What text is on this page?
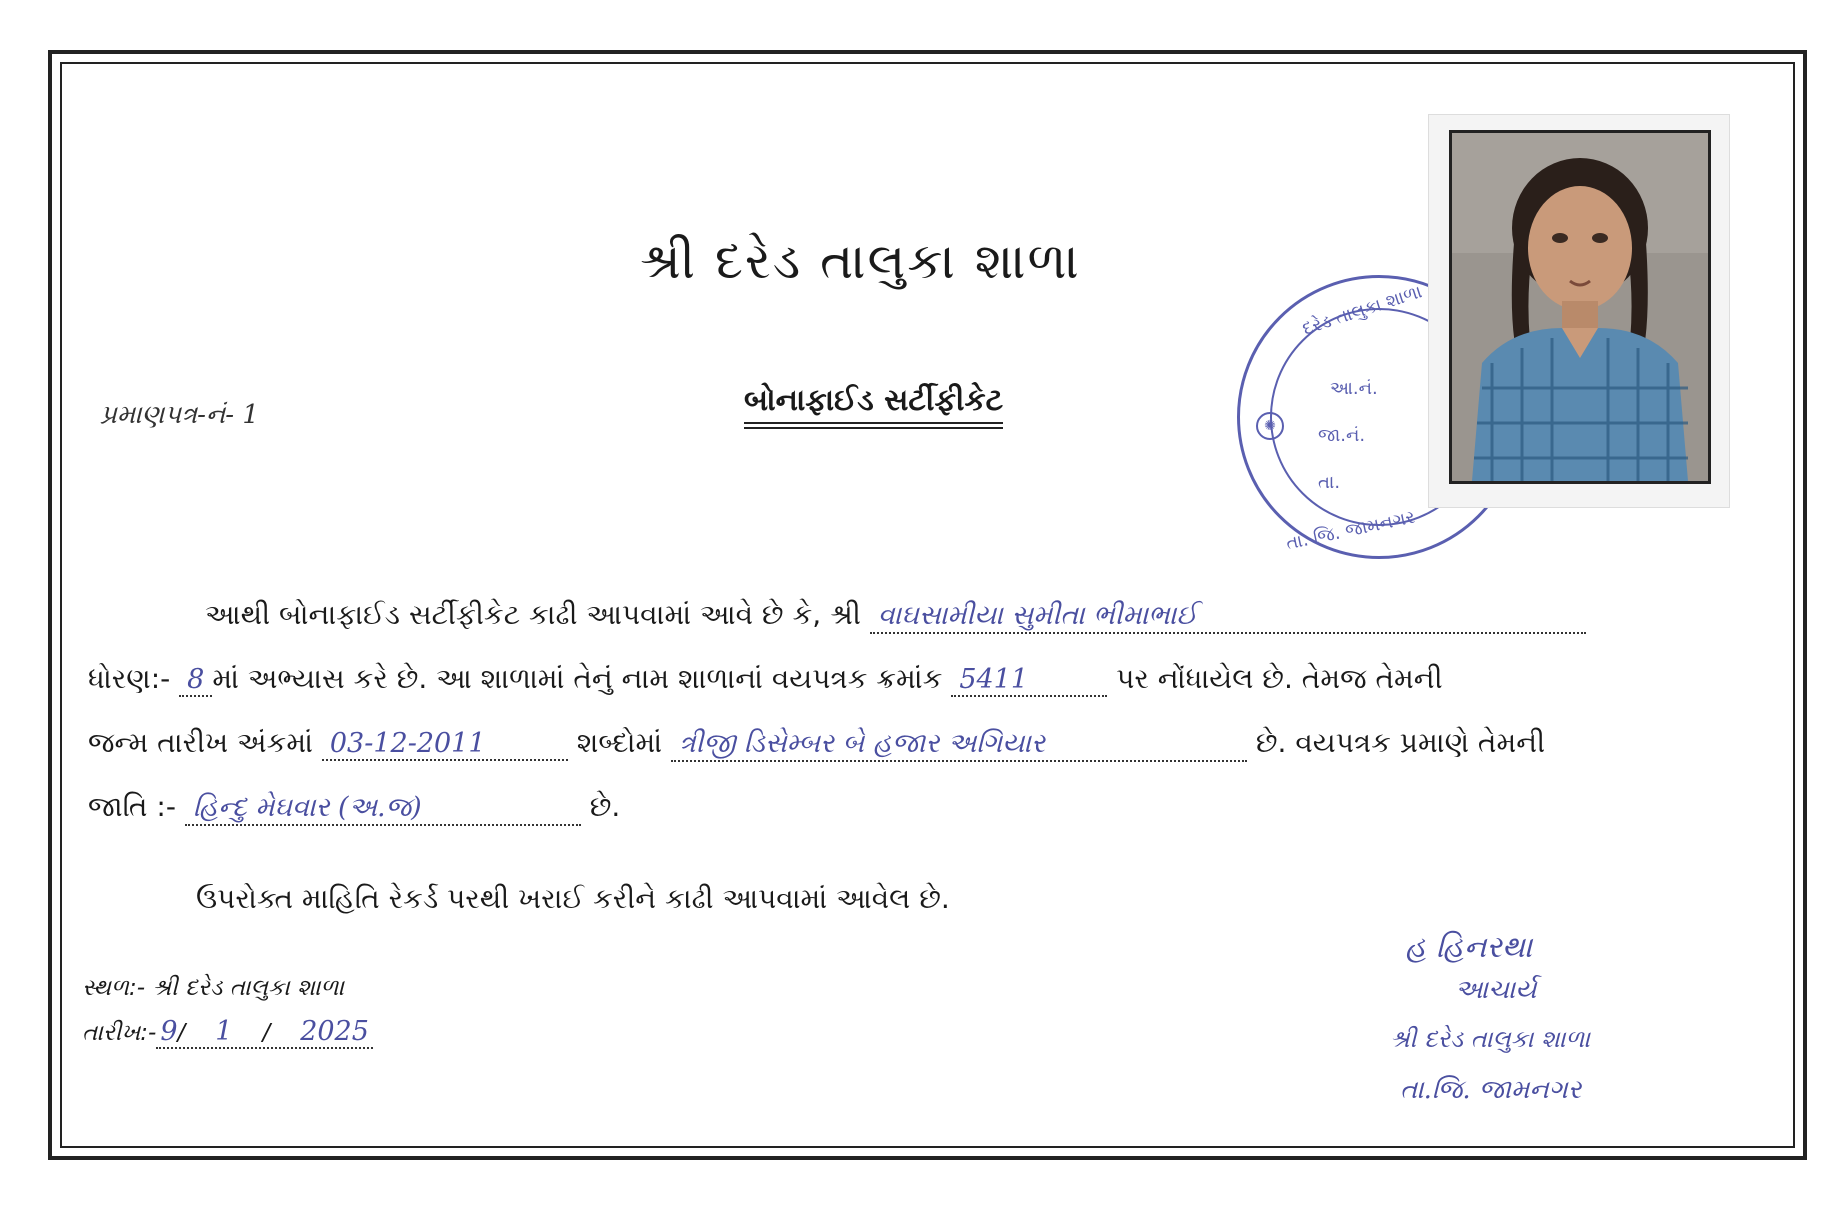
શ્રી દરેડ તાલુકા શાળા
પ્રમાણપત્ર-નં- 1	બોનાફાઈડ સર્ટીફીકેટ
દરેડ તાલુકા શાળા
આ.નં.
જા.નં.
તા.
તા. જિ. જામનગર
✺
આથી બોનાફાઈડ સર્ટીફીકેટ કાઢી આપવામાં આવે છે કે, શ્રી વાઘસામીયા સુમીતા ભીમાભાઈ
ધોરણ:- 8 માં અભ્યાસ કરે છે. આ શાળામાં તેનું નામ શાળાનાં વયપત્રક ક્રમાંક 5411	પર નોંધાયેલ છે. તેમજ તેમની
જન્મ તારીખ અંકમાં 03-12-2011	શબ્દોમાં ત્રીજી ડિસેમ્બર બે હજાર અગિયાર	છે. વયપત્રક પ્રમાણે તેમની
જાતિ :- હિન્દુ મેઘવાર (અ.જ)	છે.
ઉપરોક્ત માહિતિ રેકર્ડ પરથી ખરાઈ કરીને કાઢી આપવામાં આવેલ છે.
સ્થળ:- શ્રી દરેડ તાલુકા શાળા
તારીખ:- 9/ 1 / 2025
હ હિનરથા
આચાર્ય
શ્રી દરેડ તાલુકા શાળા
તા.જિ. જામનગર
